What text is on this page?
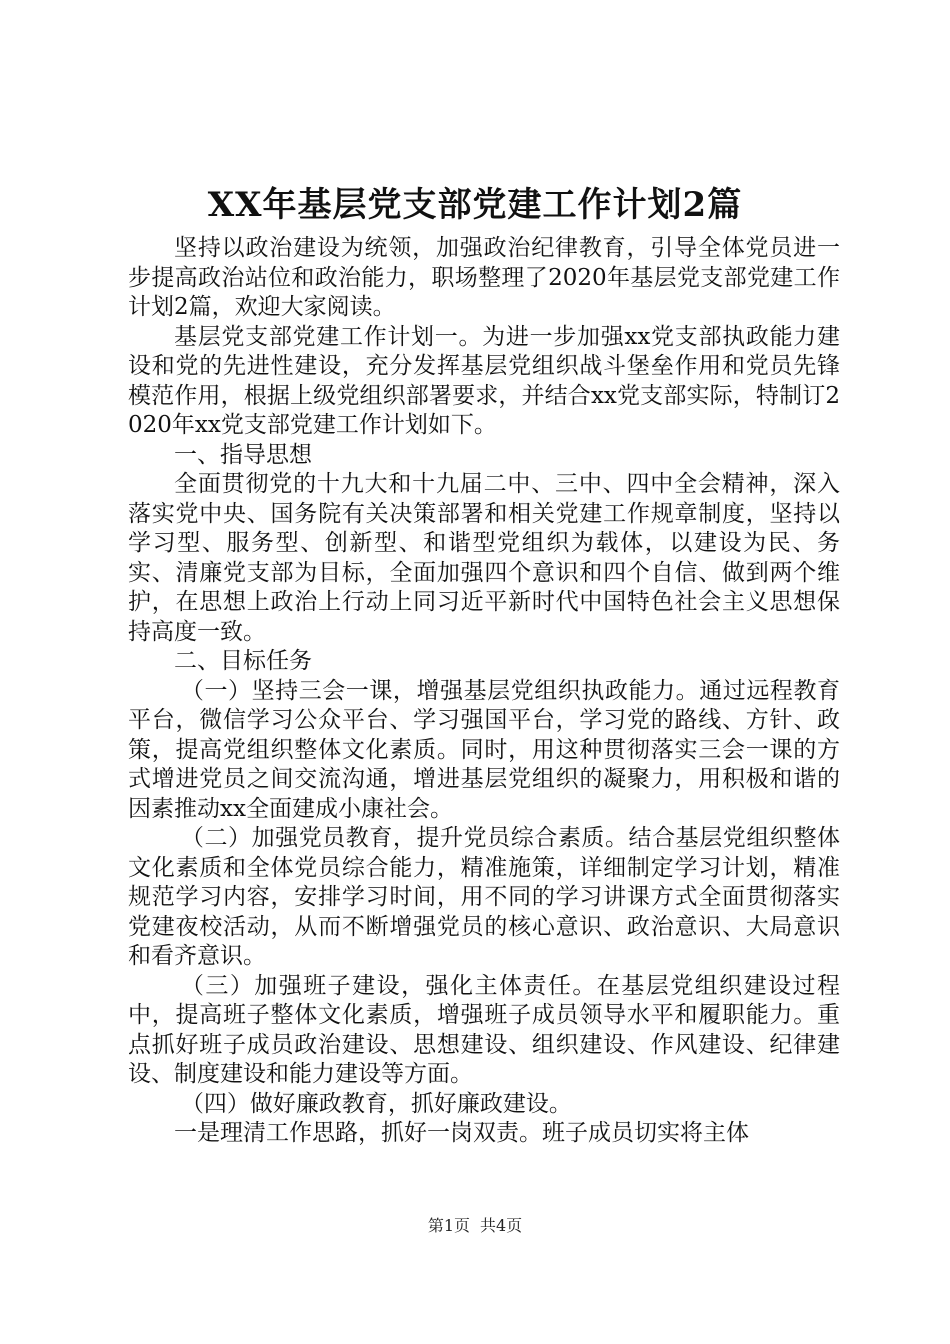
XX年基层党支部党建工作计划2篇

坚持以政治建设为统领，加强政治纪律教育，引导全体党员进一步提高政治站位和政治能力，职场整理了2020年基层党支部党建工作计划2篇，欢迎大家阅读。

基层党支部党建工作计划一。为进一步加强xx党支部执政能力建设和党的先进性建设，充分发挥基层党组织战斗堡垒作用和党员先锋模范作用，根据上级党组织部署要求，并结合xx党支部实际，特制订2020年xx党支部党建工作计划如下。

一、指导思想

全面贯彻党的十九大和十九届二中、三中、四中全会精神，深入落实党中央、国务院有关决策部署和相关党建工作规章制度，坚持以学习型、服务型、创新型、和谐型党组织为载体，以建设为民、务实、清廉党支部为目标，全面加强四个意识和四个自信、做到两个维护，在思想上政治上行动上同习近平新时代中国特色社会主义思想保持高度一致。

二、目标任务

（一）坚持三会一课，增强基层党组织执政能力。通过远程教育平台，微信学习公众平台、学习强国平台，学习党的路线、方针、政策，提高党组织整体文化素质。同时，用这种贯彻落实三会一课的方式增进党员之间交流沟通，增进基层党组织的凝聚力，用积极和谐的因素推动xx全面建成小康社会。

（二）加强党员教育，提升党员综合素质。结合基层党组织整体文化素质和全体党员综合能力，精准施策，详细制定学习计划，精准规范学习内容，安排学习时间，用不同的学习讲课方式全面贯彻落实党建夜校活动，从而不断增强党员的核心意识、政治意识、大局意识和看齐意识。

（三）加强班子建设，强化主体责任。在基层党组织建设过程中，提高班子整体文化素质，增强班子成员领导水平和履职能力。重点抓好班子成员政治建设、思想建设、组织建设、作风建设、纪律建设、制度建设和能力建设等方面。

（四）做好廉政教育，抓好廉政建设。

一是理清工作思路，抓好一岗双责。班子成员切实将主体

第1页 共4页
